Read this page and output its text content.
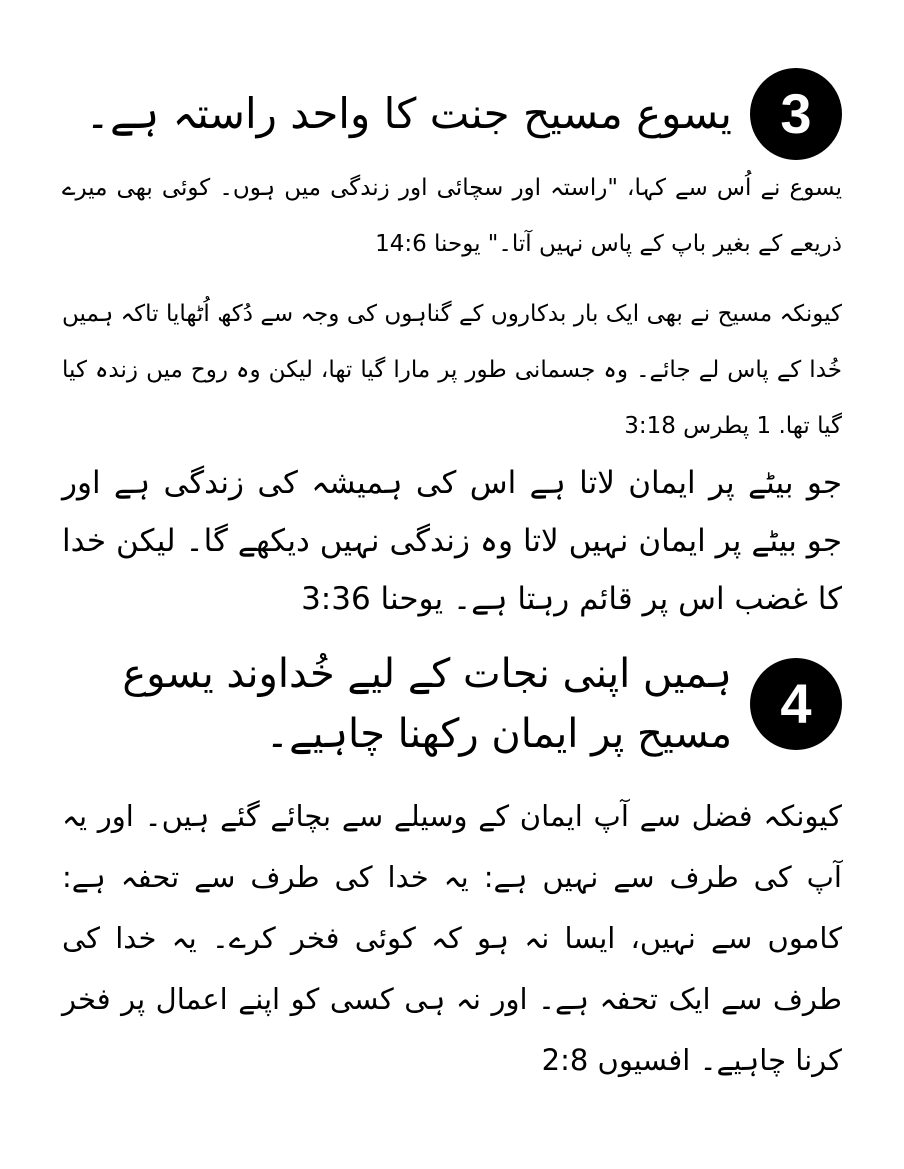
3
یسوع مسیح جنت کا واحد راستہ ہے۔

یسوع نے اُس سے کہا، "راستہ اور سچائی اور زندگی میں ہوں۔ کوئی بھی میرے ذریعے کے بغیر باپ کے پاس نہیں آتا۔" یوحنا 14:6

کیونکہ مسیح نے بھی ایک بار بدکاروں کے گناہوں کی وجہ سے دُکھ اُٹھایا تاکہ ہمیں خُدا کے پاس لے جائے۔ وہ جسمانی طور پر مارا گیا تھا، لیکن وہ روح میں زندہ کیا گیا تھا. 1 پطرس 3:18

جو بیٹے پر ایمان لاتا ہے اس کی ہمیشہ کی زندگی ہے اور جو بیٹے پر ایمان نہیں لاتا وہ زندگی نہیں دیکھے گا۔ لیکن خدا کا غضب اس پر قائم رہتا ہے۔ یوحنا 3:36

4
ہمیں اپنی نجات کے لیے خُداوند یسوع مسیح پر ایمان رکھنا چاہیے۔

کیونکہ فضل سے آپ ایمان کے وسیلے سے بچائے گئے ہیں۔ اور یہ آپ کی طرف سے نہیں ہے: یہ خدا کی طرف سے تحفہ ہے: کاموں سے نہیں، ایسا نہ ہو کہ کوئی فخر کرے۔ یہ خدا کی طرف سے ایک تحفہ ہے۔ اور نہ ہی کسی کو اپنے اعمال پر فخر کرنا چاہیے۔ افسیوں 2:8
